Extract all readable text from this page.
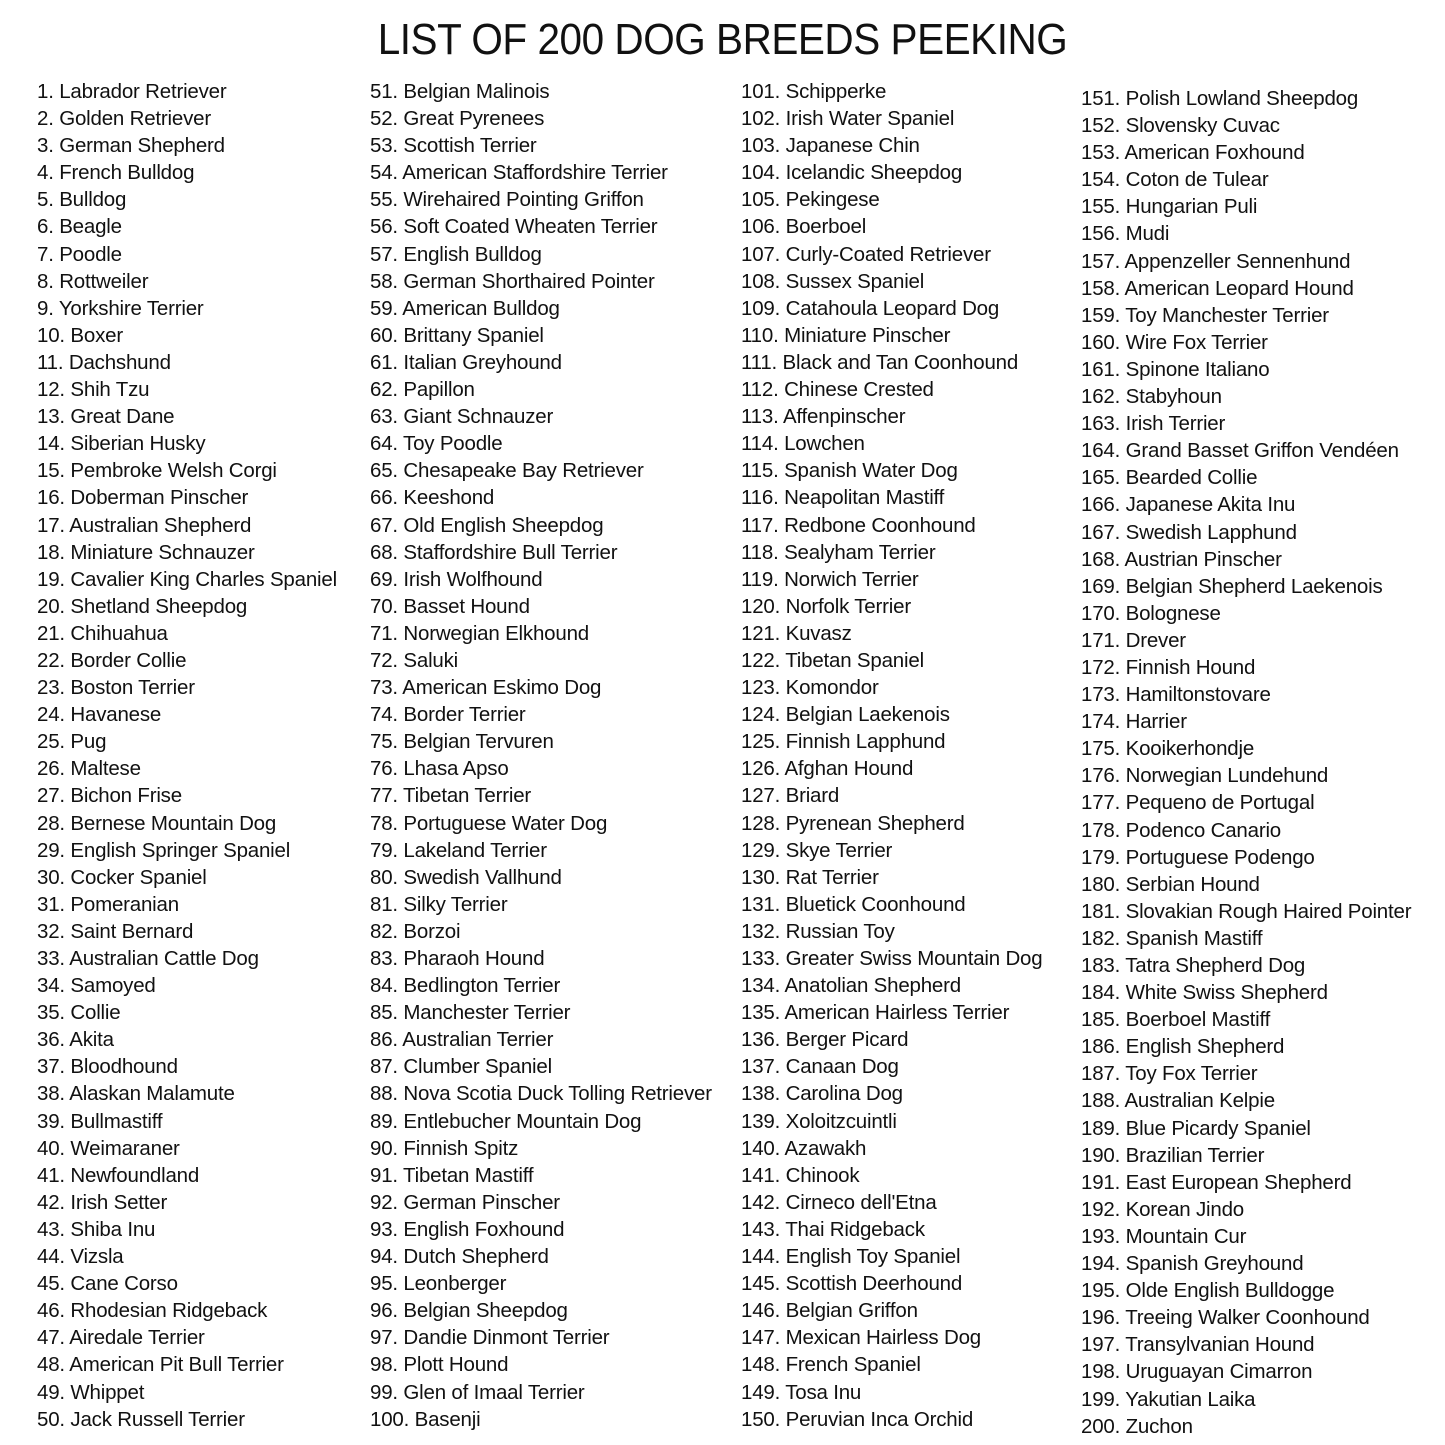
LIST OF 200 DOG BREEDS PEEKING
1. Labrador Retriever
2. Golden Retriever
3. German Shepherd
4. French Bulldog
5. Bulldog
6. Beagle
7. Poodle
8. Rottweiler
9. Yorkshire Terrier
10. Boxer
11. Dachshund
12. Shih Tzu
13. Great Dane
14. Siberian Husky
15. Pembroke Welsh Corgi
16. Doberman Pinscher
17. Australian Shepherd
18. Miniature Schnauzer
19. Cavalier King Charles Spaniel
20. Shetland Sheepdog
21. Chihuahua
22. Border Collie
23. Boston Terrier
24. Havanese
25. Pug
26. Maltese
27. Bichon Frise
28. Bernese Mountain Dog
29. English Springer Spaniel
30. Cocker Spaniel
31. Pomeranian
32. Saint Bernard
33. Australian Cattle Dog
34. Samoyed
35. Collie
36. Akita
37. Bloodhound
38. Alaskan Malamute
39. Bullmastiff
40. Weimaraner
41. Newfoundland
42. Irish Setter
43. Shiba Inu
44. Vizsla
45. Cane Corso
46. Rhodesian Ridgeback
47. Airedale Terrier
48. American Pit Bull Terrier
49. Whippet
50. Jack Russell Terrier
51. Belgian Malinois
52. Great Pyrenees
53. Scottish Terrier
54. American Staffordshire Terrier
55. Wirehaired Pointing Griffon
56. Soft Coated Wheaten Terrier
57. English Bulldog
58. German Shorthaired Pointer
59. American Bulldog
60. Brittany Spaniel
61. Italian Greyhound
62. Papillon
63. Giant Schnauzer
64. Toy Poodle
65. Chesapeake Bay Retriever
66. Keeshond
67. Old English Sheepdog
68. Staffordshire Bull Terrier
69. Irish Wolfhound
70. Basset Hound
71. Norwegian Elkhound
72. Saluki
73. American Eskimo Dog
74. Border Terrier
75. Belgian Tervuren
76. Lhasa Apso
77. Tibetan Terrier
78. Portuguese Water Dog
79. Lakeland Terrier
80. Swedish Vallhund
81. Silky Terrier
82. Borzoi
83. Pharaoh Hound
84. Bedlington Terrier
85. Manchester Terrier
86. Australian Terrier
87. Clumber Spaniel
88. Nova Scotia Duck Tolling Retriever
89. Entlebucher Mountain Dog
90. Finnish Spitz
91. Tibetan Mastiff
92. German Pinscher
93. English Foxhound
94. Dutch Shepherd
95. Leonberger
96. Belgian Sheepdog
97. Dandie Dinmont Terrier
98. Plott Hound
99. Glen of Imaal Terrier
100. Basenji
101. Schipperke
102. Irish Water Spaniel
103. Japanese Chin
104. Icelandic Sheepdog
105. Pekingese
106. Boerboel
107. Curly-Coated Retriever
108. Sussex Spaniel
109. Catahoula Leopard Dog
110. Miniature Pinscher
111. Black and Tan Coonhound
112. Chinese Crested
113. Affenpinscher
114. Lowchen
115. Spanish Water Dog
116. Neapolitan Mastiff
117. Redbone Coonhound
118. Sealyham Terrier
119. Norwich Terrier
120. Norfolk Terrier
121. Kuvasz
122. Tibetan Spaniel
123. Komondor
124. Belgian Laekenois
125. Finnish Lapphund
126. Afghan Hound
127. Briard
128. Pyrenean Shepherd
129. Skye Terrier
130. Rat Terrier
131. Bluetick Coonhound
132. Russian Toy
133. Greater Swiss Mountain Dog
134. Anatolian Shepherd
135. American Hairless Terrier
136. Berger Picard
137. Canaan Dog
138. Carolina Dog
139. Xoloitzcuintli
140. Azawakh
141. Chinook
142. Cirneco dell'Etna
143. Thai Ridgeback
144. English Toy Spaniel
145. Scottish Deerhound
146. Belgian Griffon
147. Mexican Hairless Dog
148. French Spaniel
149. Tosa Inu
150. Peruvian Inca Orchid
151. Polish Lowland Sheepdog
152. Slovensky Cuvac
153. American Foxhound
154. Coton de Tulear
155. Hungarian Puli
156. Mudi
157. Appenzeller Sennenhund
158. American Leopard Hound
159. Toy Manchester Terrier
160. Wire Fox Terrier
161. Spinone Italiano
162. Stabyhoun
163. Irish Terrier
164. Grand Basset Griffon Vendéen
165. Bearded Collie
166. Japanese Akita Inu
167. Swedish Lapphund
168. Austrian Pinscher
169. Belgian Shepherd Laekenois
170. Bolognese
171. Drever
172. Finnish Hound
173. Hamiltonstovare
174. Harrier
175. Kooikerhondje
176. Norwegian Lundehund
177. Pequeno de Portugal
178. Podenco Canario
179. Portuguese Podengo
180. Serbian Hound
181. Slovakian Rough Haired Pointer
182. Spanish Mastiff
183. Tatra Shepherd Dog
184. White Swiss Shepherd
185. Boerboel Mastiff
186. English Shepherd
187. Toy Fox Terrier
188. Australian Kelpie
189. Blue Picardy Spaniel
190. Brazilian Terrier
191. East European Shepherd
192. Korean Jindo
193. Mountain Cur
194. Spanish Greyhound
195. Olde English Bulldogge
196. Treeing Walker Coonhound
197. Transylvanian Hound
198. Uruguayan Cimarron
199. Yakutian Laika
200. Zuchon
